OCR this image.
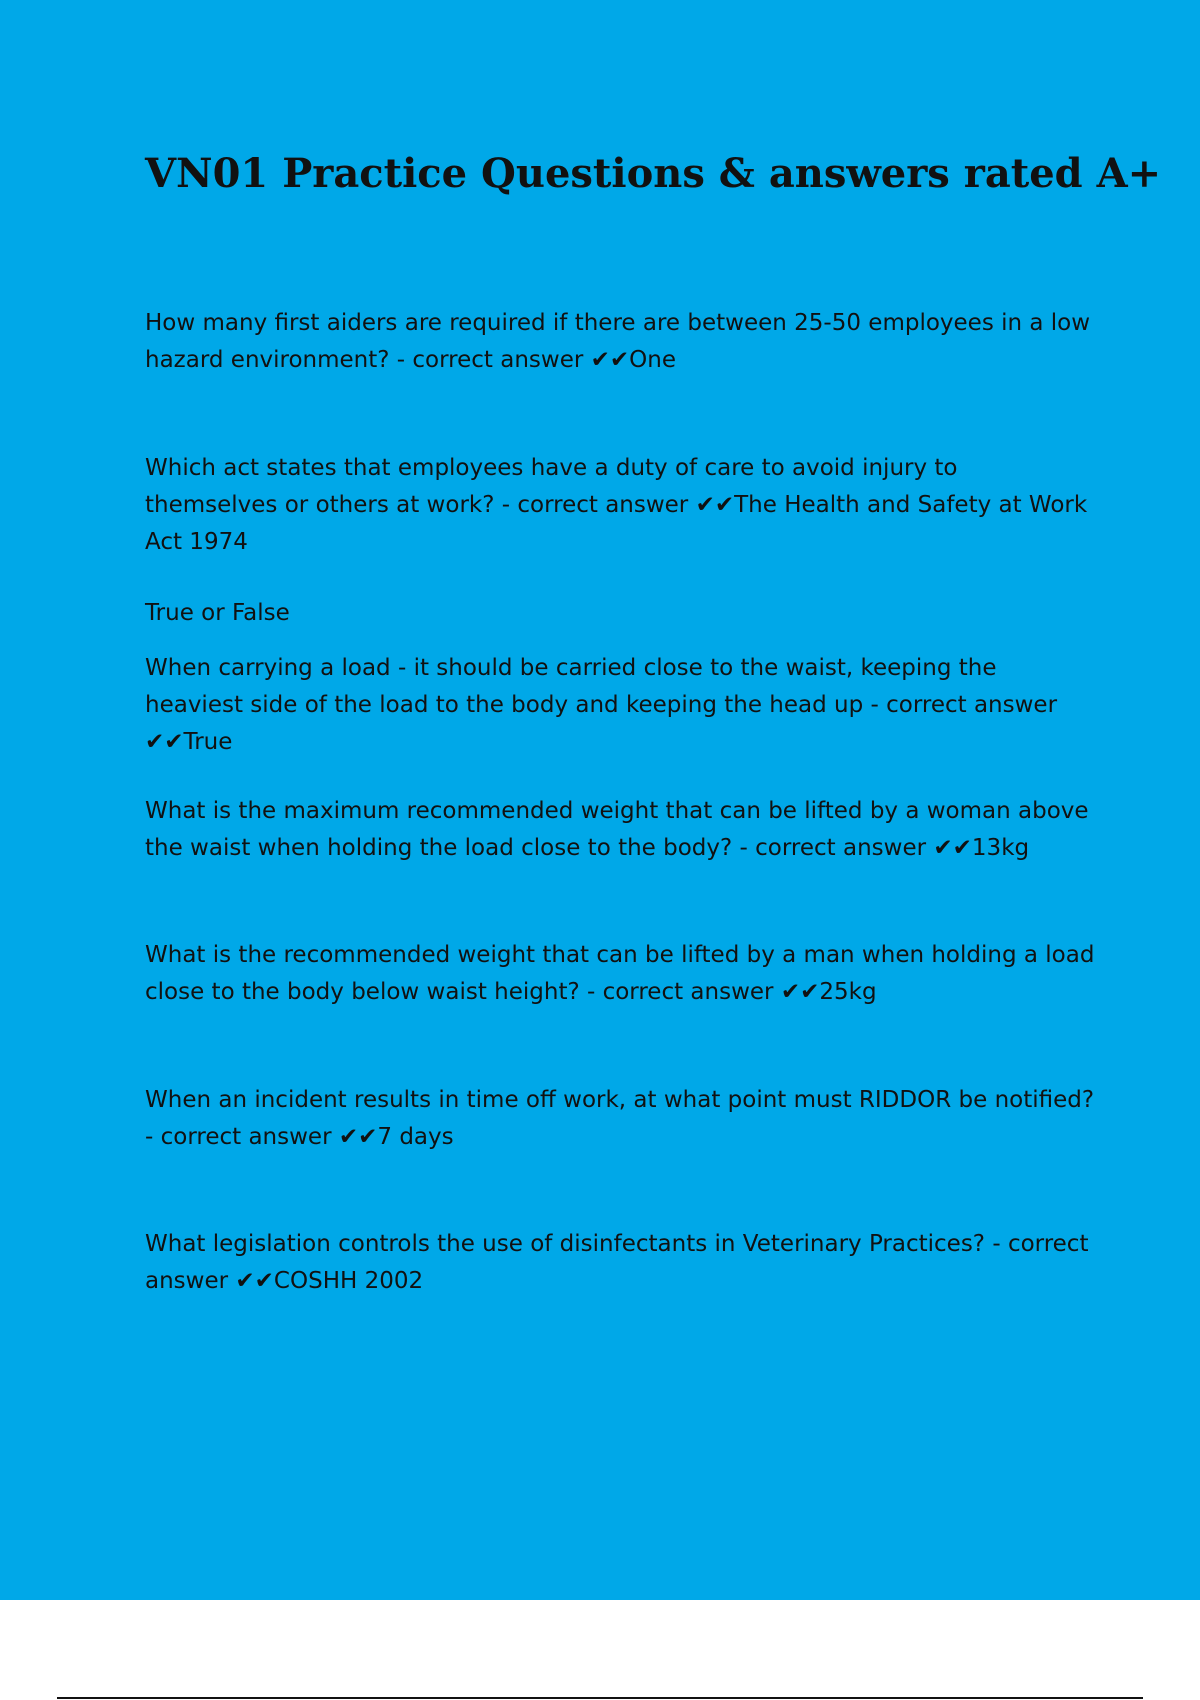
VN01 Practice Questions & answers rated A+

How many first aiders are required if there are between 25-50 employees in a low hazard environment? - correct answer ✔✔One

Which act states that employees have a duty of care to avoid injury to themselves or others at work? - correct answer ✔✔The Health and Safety at Work Act 1974

True or False

When carrying a load - it should be carried close to the waist, keeping the heaviest side of the load to the body and keeping the head up - correct answer ✔✔True

What is the maximum recommended weight that can be lifted by a woman above the waist when holding the load close to the body? - correct answer ✔✔13kg

What is the recommended weight that can be lifted by a man when holding a load close to the body below waist height? - correct answer ✔✔25kg

When an incident results in time off work, at what point must RIDDOR be notified? - correct answer ✔✔7 days

What legislation controls the use of disinfectants in Veterinary Practices? - correct answer ✔✔COSHH 2002
